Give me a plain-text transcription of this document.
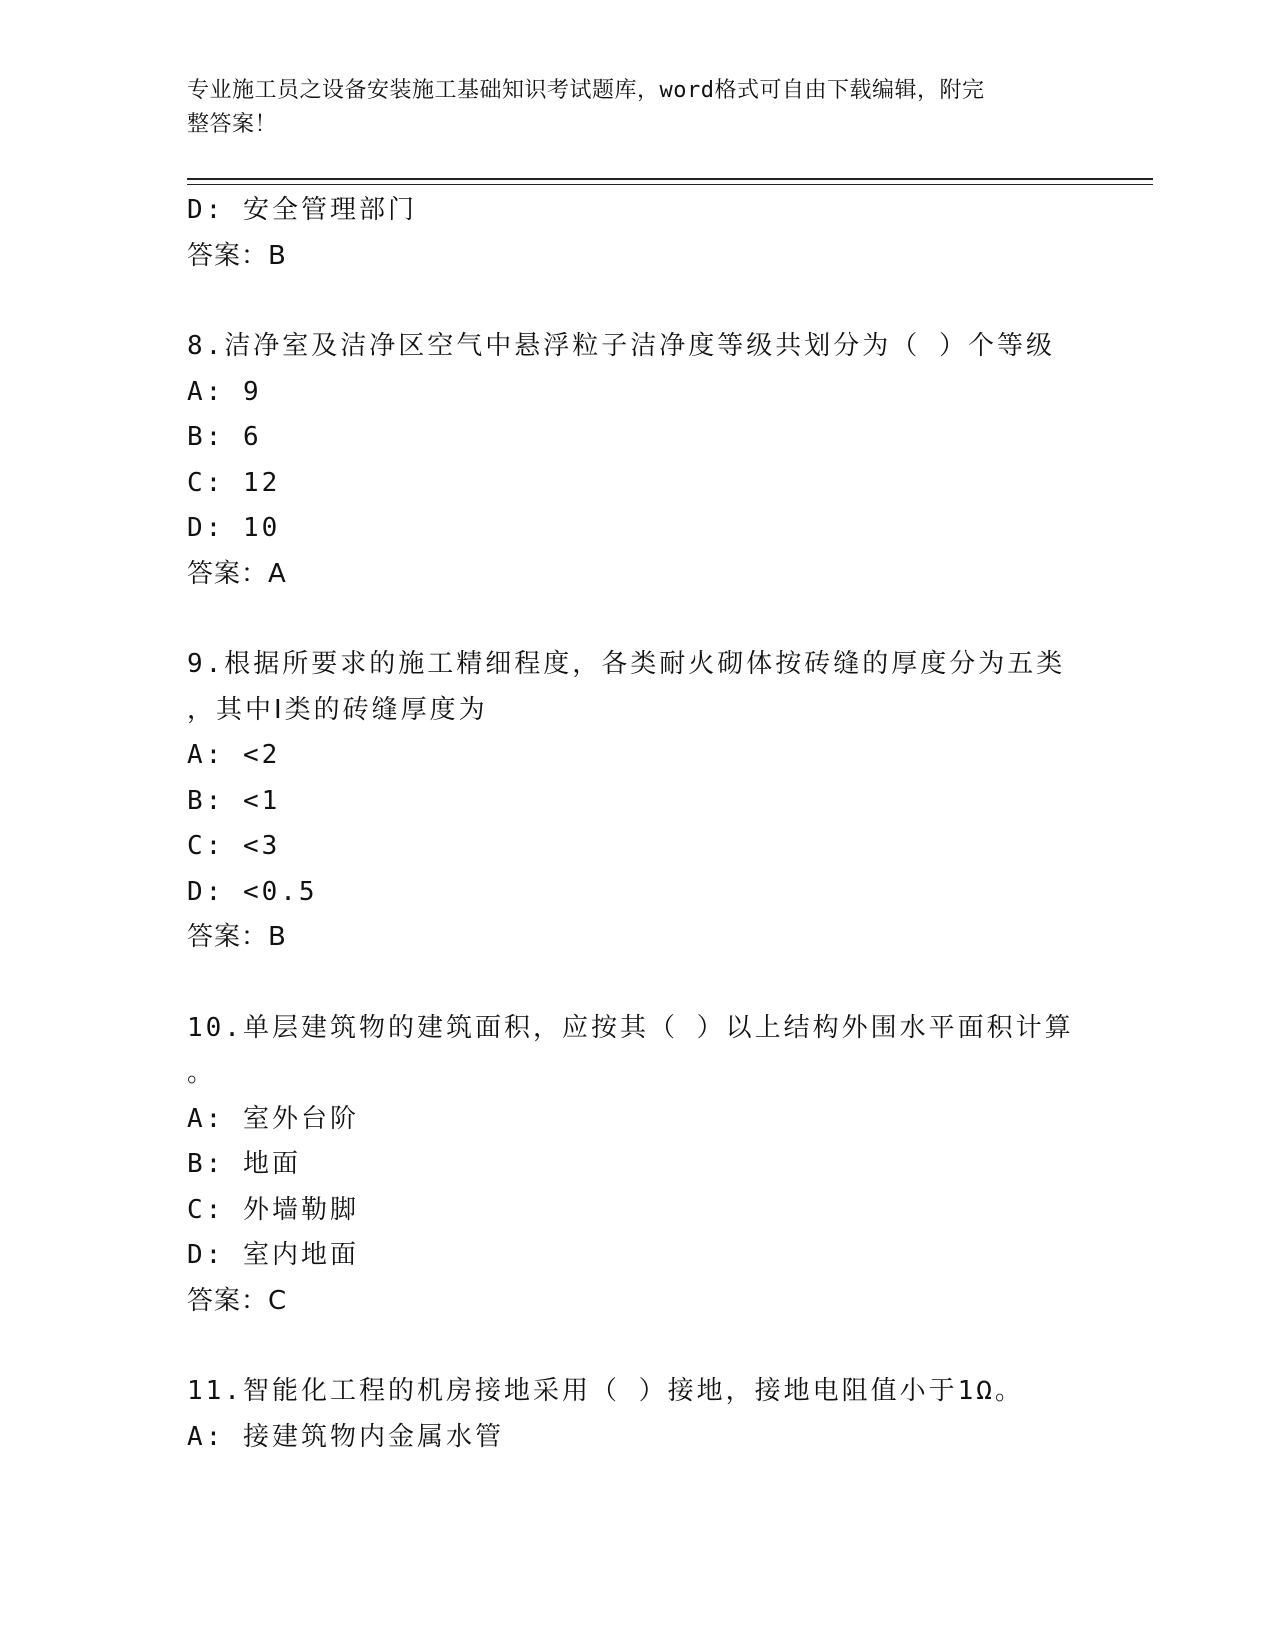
专业施工员之设备安装施工基础知识考试题库，word格式可自由下载编辑，附完
整答案！
D: 安全管理部门
答案：B
8.洁净室及洁净区空气中悬浮粒子洁净度等级共划分为（ ）个等级
A: 9
B: 6
C: 12
D: 10
答案：A
9.根据所要求的施工精细程度，各类耐火砌体按砖缝的厚度分为五类
，其中Ⅰ类的砖缝厚度为
A: <2
B: <1
C: <3
D: <0.5
答案：B
10.单层建筑物的建筑面积，应按其（ ）以上结构外围水平面积计算
。
A: 室外台阶
B: 地面
C: 外墙勒脚
D: 室内地面
答案：C
11.智能化工程的机房接地采用（ ）接地，接地电阻值小于1Ω。
A: 接建筑物内金属水管
